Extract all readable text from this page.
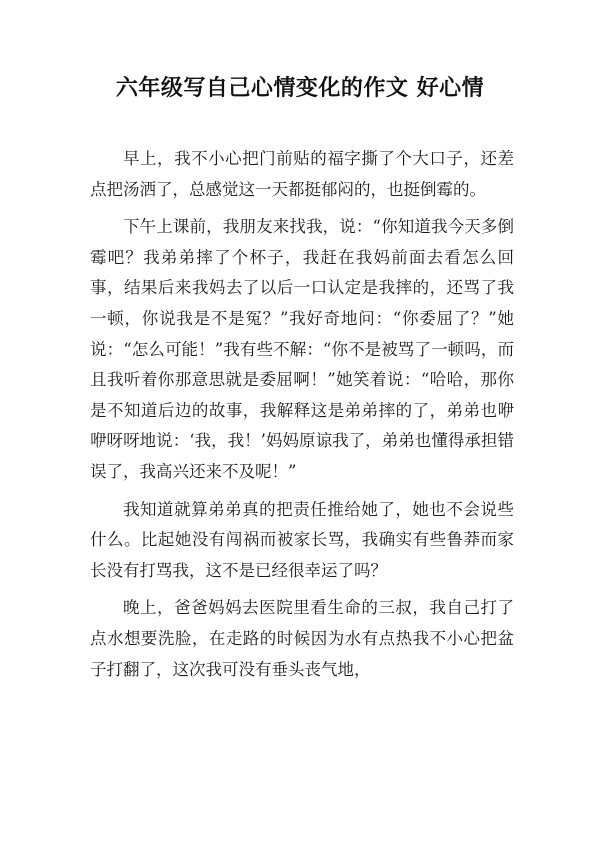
六年级写自己心情变化的作文 好心情

早上，我不小心把门前贴的福字撕了个大口子，还差点把汤洒了，总感觉这一天都挺郁闷的，也挺倒霉的。

下午上课前，我朋友来找我，说：“你知道我今天多倒霉吧？我弟弟摔了个杯子，我赶在我妈前面去看怎么回事，结果后来我妈去了以后一口认定是我摔的，还骂了我一顿，你说我是不是冤？”我好奇地问：“你委屈了？”她说：“怎么可能！”我有些不解：“你不是被骂了一顿吗，而且我听着你那意思就是委屈啊！”她笑着说：“哈哈，那你是不知道后边的故事，我解释这是弟弟摔的了，弟弟也咿咿呀呀地说：‘我，我！’妈妈原谅我了，弟弟也懂得承担错误了，我高兴还来不及呢！”

我知道就算弟弟真的把责任推给她了，她也不会说些什么。比起她没有闯祸而被家长骂，我确实有些鲁莽而家长没有打骂我，这不是已经很幸运了吗？

晚上，爸爸妈妈去医院里看生命的三叔，我自己打了点水想要洗脸，在走路的时候因为水有点热我不小心把盆子打翻了，这次我可没有垂头丧气地，
